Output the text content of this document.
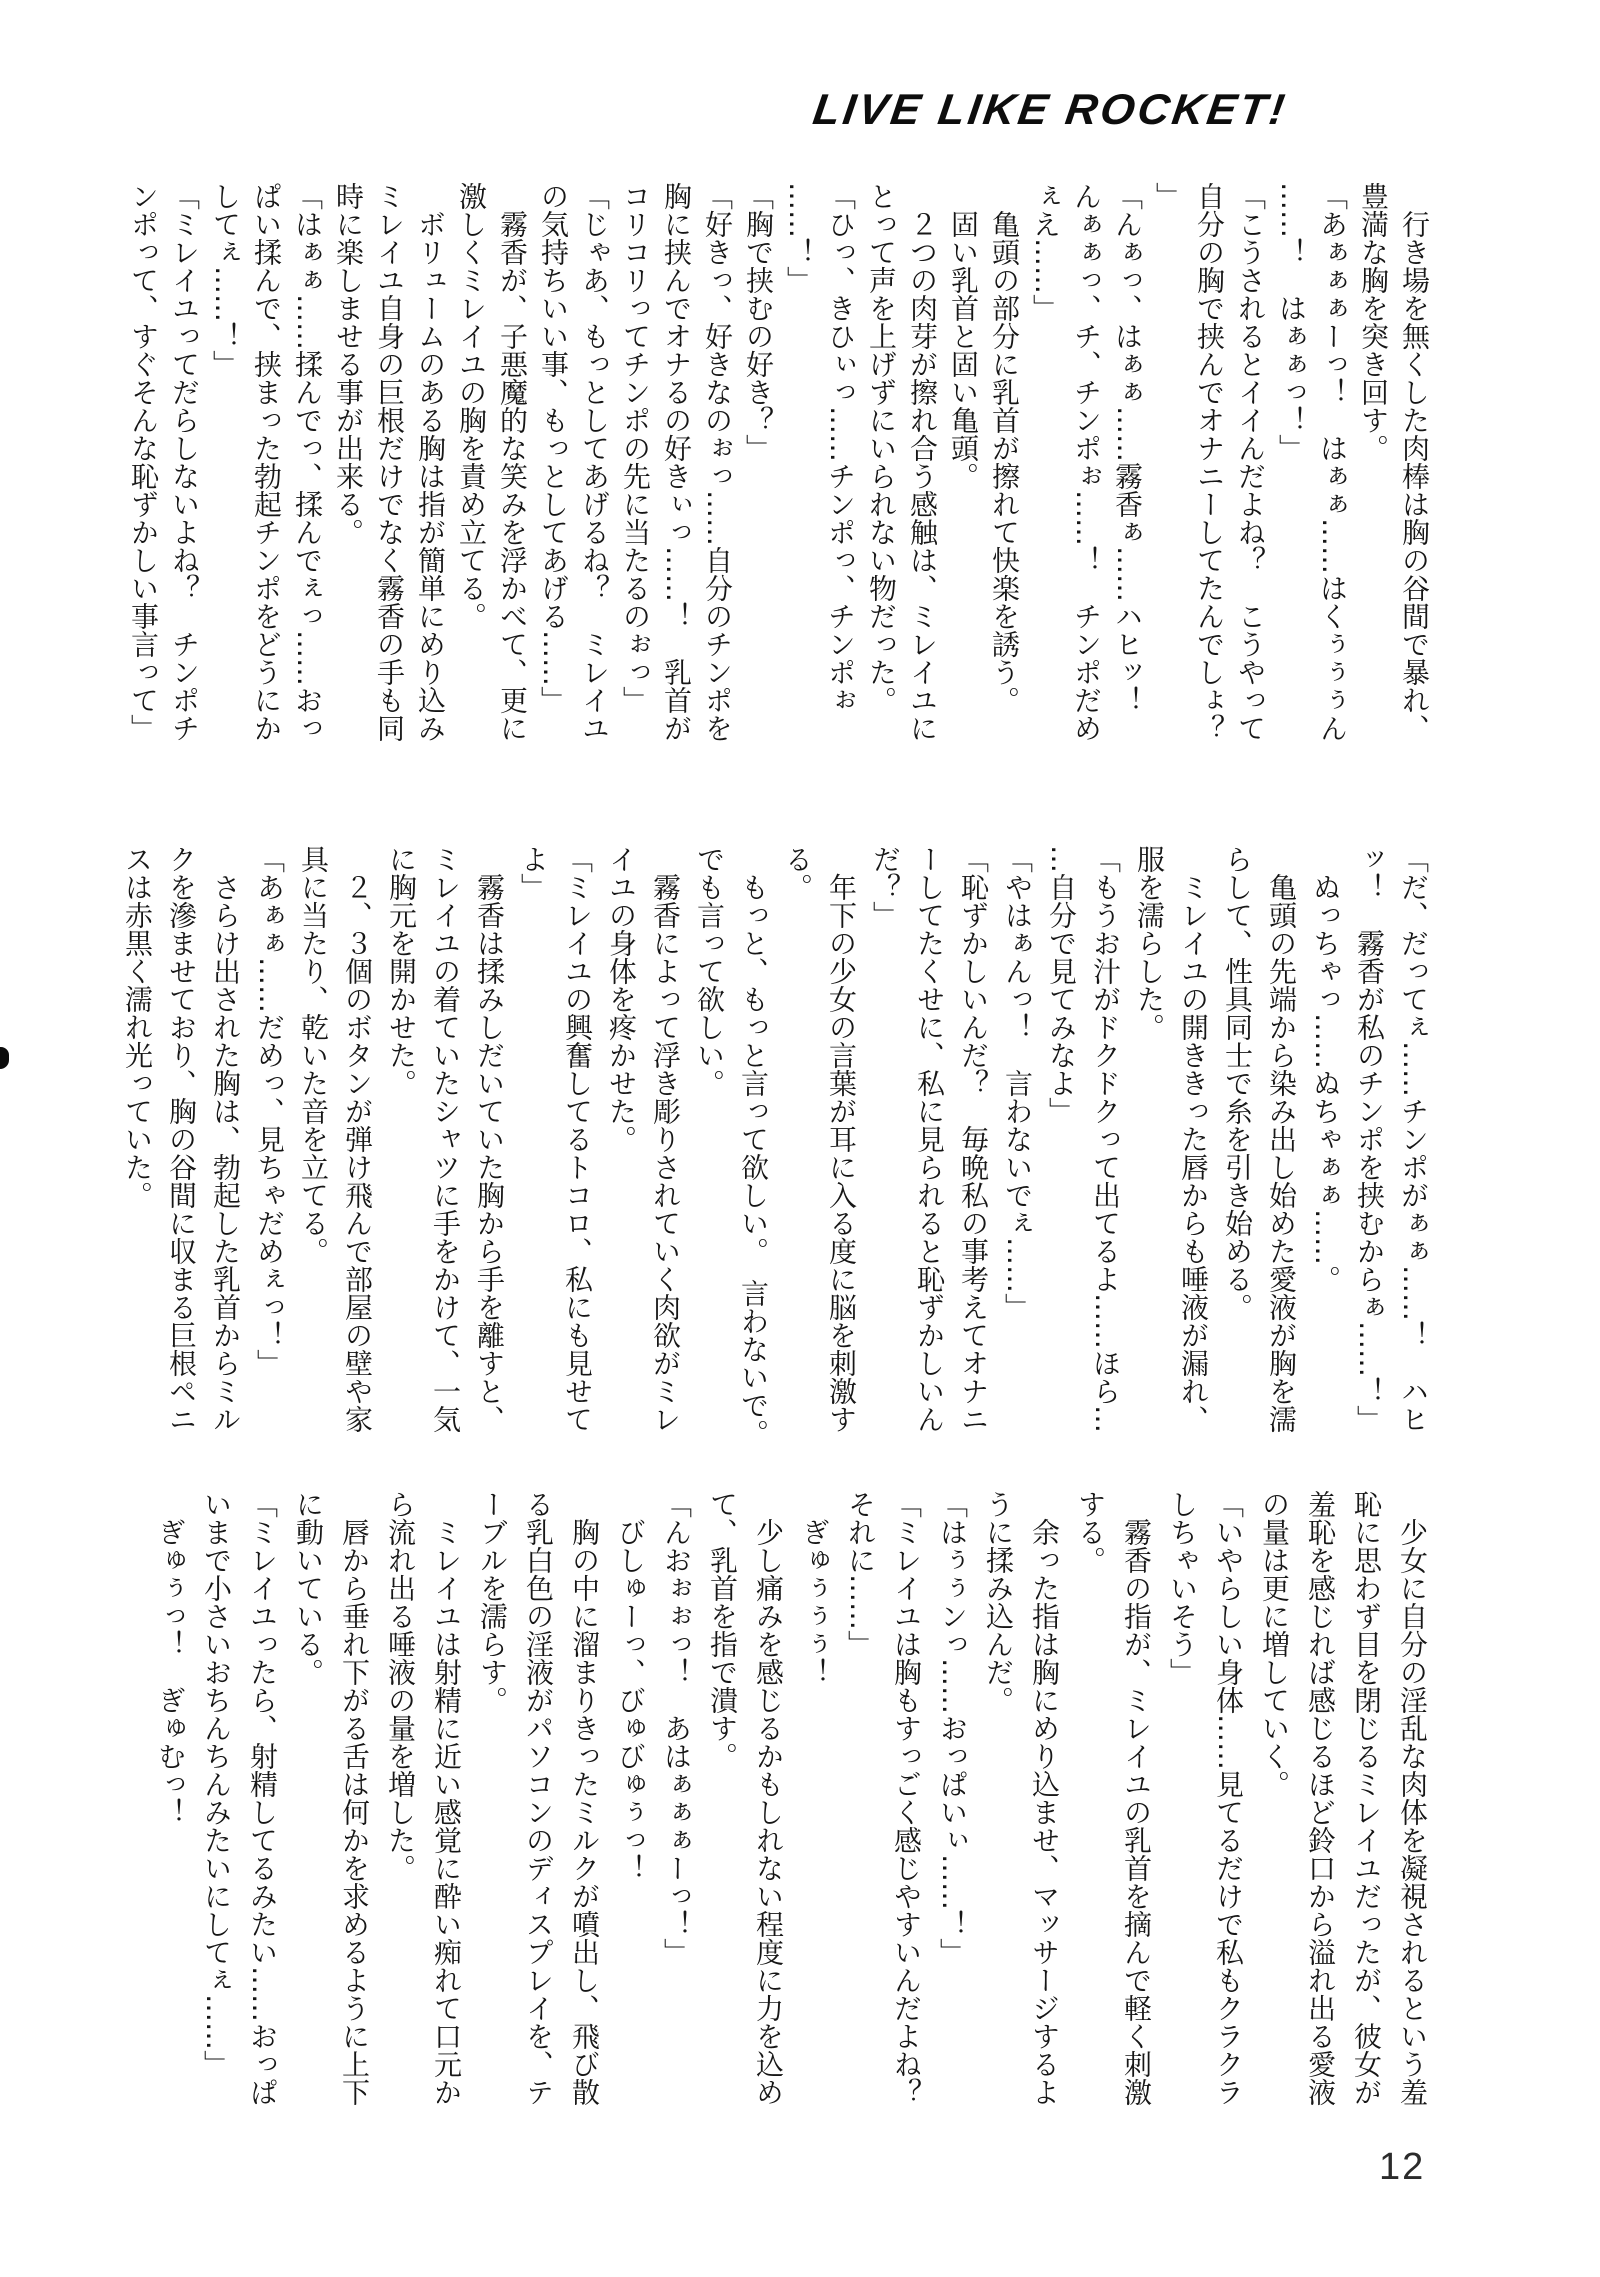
LIVE LIKE ROCKET!
　行き場を無くした肉棒は胸の谷間で暴れ、
豊満な胸を突き回す。
「あぁぁぁーっ！　はぁぁ……はくぅぅぅん
……！　はぁぁっ！」
「こうされるとイイんだよね？　こうやって
自分の胸で挟んでオナニーしてたんでしょ？
」
「んぁっ、はぁぁ……霧香ぁ……ハヒッ！
んぁぁっ、チ、チンポぉ……！　チンポだめ
ぇえ……」
　亀頭の部分に乳首が擦れて快楽を誘う。
　固い乳首と固い亀頭。
　２つの肉芽が擦れ合う感触は、ミレイユに
とって声を上げずにいられない物だった。
「ひっ、きひぃっ……チンポっ、チンポぉ
……！」
「胸で挟むの好き？」
「好きっ、好きなのぉっ……自分のチンポを
胸に挟んでオナるの好きぃっ……！　乳首が
コリコリってチンポの先に当たるのぉっ」
「じゃあ、もっとしてあげるね？　ミレイユ
の気持ちいい事、もっとしてあげる……」
　霧香が、子悪魔的な笑みを浮かべて、更に
激しくミレイユの胸を責め立てる。
　ボリュームのある胸は指が簡単にめり込み
ミレイユ自身の巨根だけでなく霧香の手も同
時に楽しませる事が出来る。
「はぁぁ……揉んでっ、揉んでぇっ……おっ
ぱい揉んで、挟まった勃起チンポをどうにか
してぇ……！」
「ミレイユってだらしないよね？　チンポチ
ンポって、すぐそんな恥ずかしい事言って」
「だ、だってぇ……チンポがぁぁ……！　ハヒ
ッ！　霧香が私のチンポを挟むからぁ……！」
　ぬっちゃっ……ぬちゃぁぁ……。
　亀頭の先端から染み出し始めた愛液が胸を濡
らして、性具同士で糸を引き始める。
　ミレイユの開ききった唇からも唾液が漏れ、
服を濡らした。
「もうお汁がドクドクって出てるよ……ほら…
…自分で見てみなよ」
「やはぁんっ！　言わないでぇ……」
「恥ずかしいんだ？　毎晩私の事考えてオナニ
ーしてたくせに、私に見られると恥ずかしいん
だ？」
　年下の少女の言葉が耳に入る度に脳を刺激す
る。
　もっと、もっと言って欲しい。　言わないで。
でも言って欲しい。
　霧香によって浮き彫りされていく肉欲がミレ
イユの身体を疼かせた。
「ミレイユの興奮してるトコロ、私にも見せて
よ」
　霧香は揉みしだいていた胸から手を離すと、
ミレイユの着ていたシャツに手をかけて、一気
に胸元を開かせた。
　２、３個のボタンが弾け飛んで部屋の壁や家
具に当たり、乾いた音を立てる。
「あぁぁ……だめっ、見ちゃだめぇっ！」
　さらけ出された胸は、勃起した乳首からミル
クを滲ませており、胸の谷間に収まる巨根ペニ
スは赤黒く濡れ光っていた。
　少女に自分の淫乱な肉体を凝視されるという羞
恥に思わず目を閉じるミレイユだったが、彼女が
羞恥を感じれば感じるほど鈴口から溢れ出る愛液
の量は更に増していく。
「いやらしい身体……見てるだけで私もクラクラ
しちゃいそう」
　霧香の指が、ミレイユの乳首を摘んで軽く刺激
する。
　余った指は胸にめり込ませ、マッサージするよ
うに揉み込んだ。
「はぅぅンっ……おっぱいぃ……！」
「ミレイユは胸もすっごく感じやすいんだよね？
それに……」
　ぎゅぅぅぅ！
　少し痛みを感じるかもしれない程度に力を込め
て、乳首を指で潰す。
「んおぉぉっ！　あはぁぁぁーっ！」
　びしゅーっ、びゅびゅぅっ！
　胸の中に溜まりきったミルクが噴出し、飛び散
る乳白色の淫液がパソコンのディスプレイを、テ
ーブルを濡らす。
　ミレイユは射精に近い感覚に酔い痴れて口元か
ら流れ出る唾液の量を増した。
　唇から垂れ下がる舌は何かを求めるように上下
に動いている。
「ミレイユったら、射精してるみたい……おっぱ
いまで小さいおちんちんみたいにしてぇ……」
　ぎゅぅっ！　ぎゅむっ！
12
